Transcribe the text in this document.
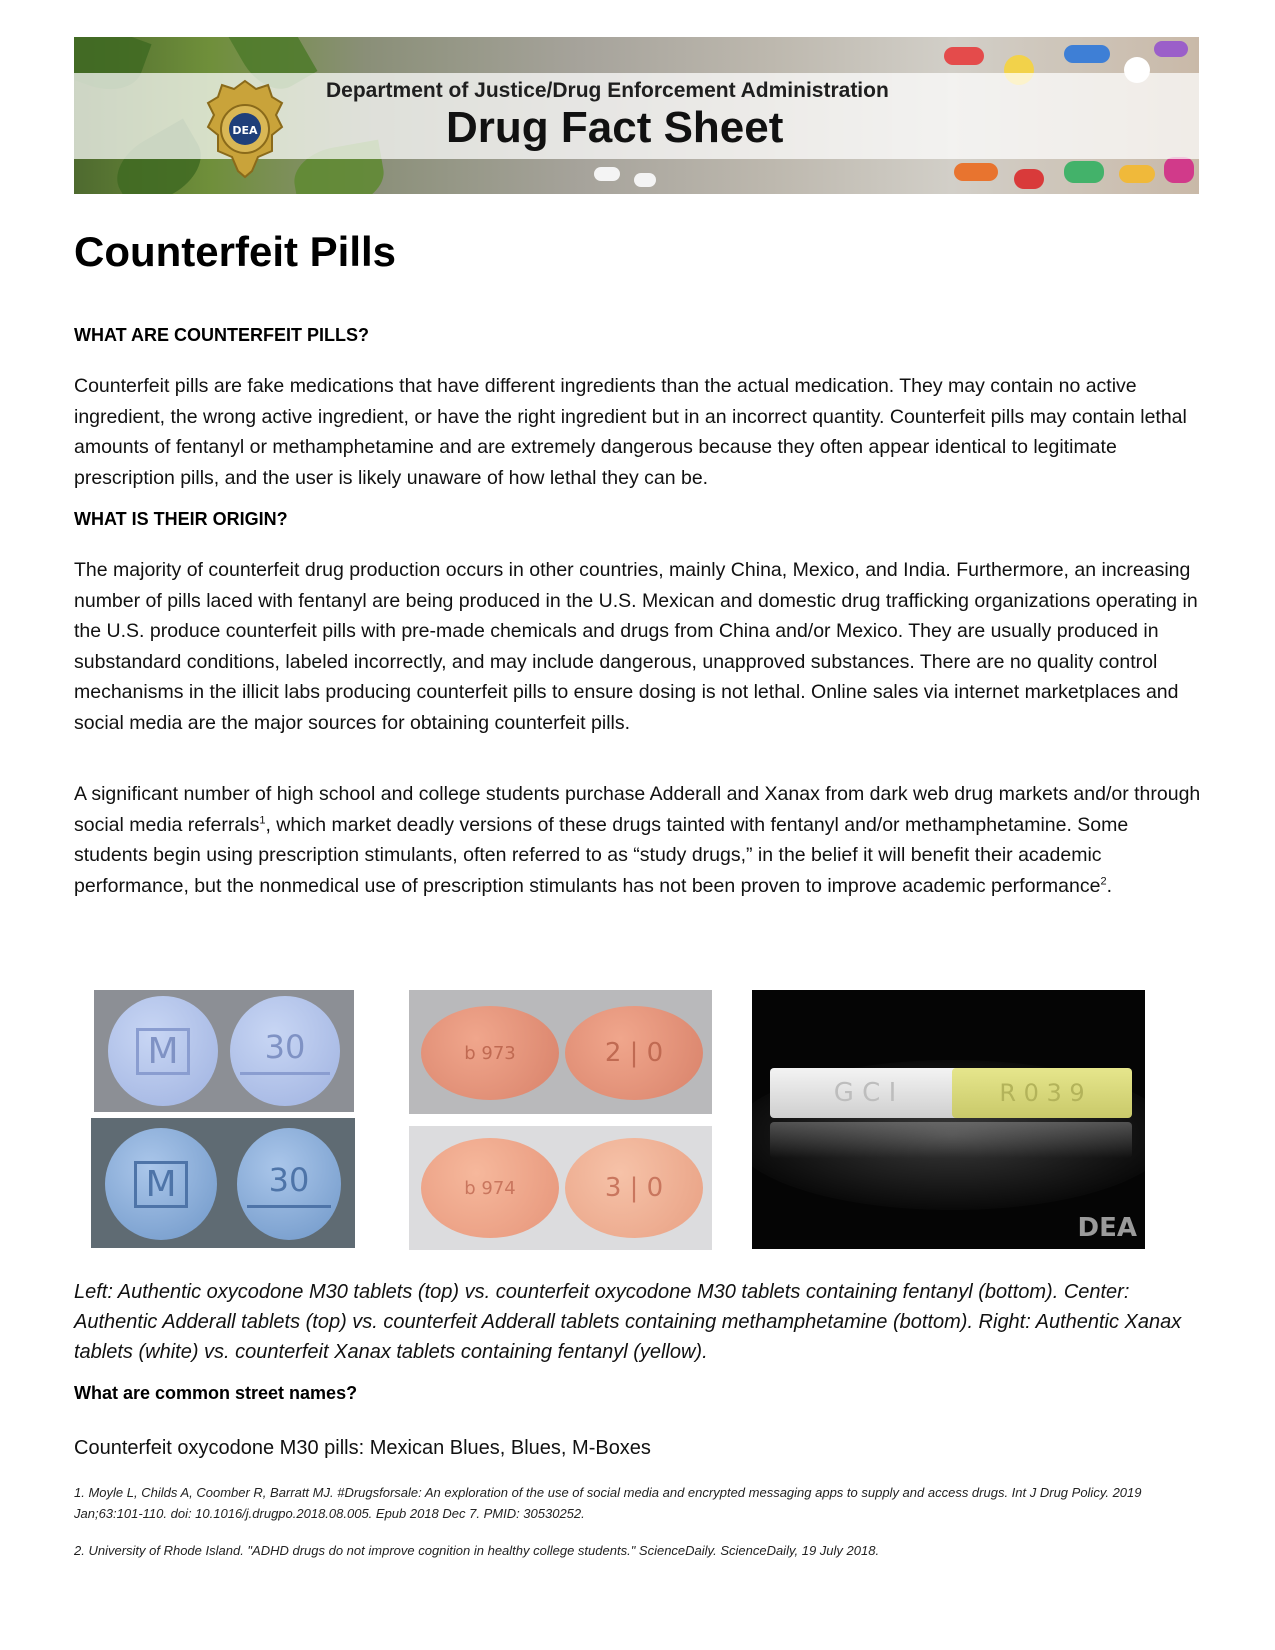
DEA
Department of Justice/Drug Enforcement Administration
Drug Fact Sheet
Counterfeit Pills
WHAT ARE COUNTERFEIT PILLS?
Counterfeit pills are fake medications that have different ingredients than the actual medication. They may contain no active ingredient, the wrong active ingredient, or have the right ingredient but in an incorrect quantity. Counterfeit pills may contain lethal amounts of fentanyl or methamphetamine and are extremely dangerous because they often appear identical to legitimate prescription pills, and the user is likely unaware of how lethal they can be.
WHAT IS THEIR ORIGIN?
The majority of counterfeit drug production occurs in other countries, mainly China, Mexico, and India. Furthermore, an increasing number of pills laced with fentanyl are being produced in the U.S. Mexican and domestic drug trafficking organizations operating in the U.S. produce counterfeit pills with pre-made chemicals and drugs from China and/or Mexico. They are usually produced in substandard conditions, labeled incorrectly, and may include dangerous, unapproved substances. There are no quality control mechanisms in the illicit labs producing counterfeit pills to ensure dosing is not lethal. Online sales via internet marketplaces and social media are the major sources for obtaining counterfeit pills.
A significant number of high school and college students purchase Adderall and Xanax from dark web drug markets and/or through social media referrals$^1$, which market deadly versions of these drugs tainted with fentanyl and/or methamphetamine. Some students begin using prescription stimulants, often referred to as “study drugs,” in the belief it will benefit their academic performance, but the nonmedical use of prescription stimulants has not been proven to improve academic performance$^2$.
M	30
M	30
b 973	2 | 0
b 974	3 | 0
G C I	R 0 3 9
DEA
Left: Authentic oxycodone M30 tablets (top) vs. counterfeit oxycodone M30 tablets containing fentanyl (bottom). Center: Authentic Adderall tablets (top) vs. counterfeit Adderall tablets containing methamphetamine (bottom). Right: Authentic Xanax tablets (white) vs. counterfeit Xanax tablets containing fentanyl (yellow).
What are common street names?
Counterfeit oxycodone M30 pills: Mexican Blues, Blues, M-Boxes
1. Moyle L, Childs A, Coomber R, Barratt MJ. #Drugsforsale: An exploration of the use of social media and encrypted messaging apps to supply and access drugs. Int J Drug Policy. 2019 Jan;63:101-110. doi: 10.1016/j.drugpo.2018.08.005. Epub 2018 Dec 7. PMID: 30530252.
2. University of Rhode Island. "ADHD drugs do not improve cognition in healthy college students." ScienceDaily. ScienceDaily, 19 July 2018.
